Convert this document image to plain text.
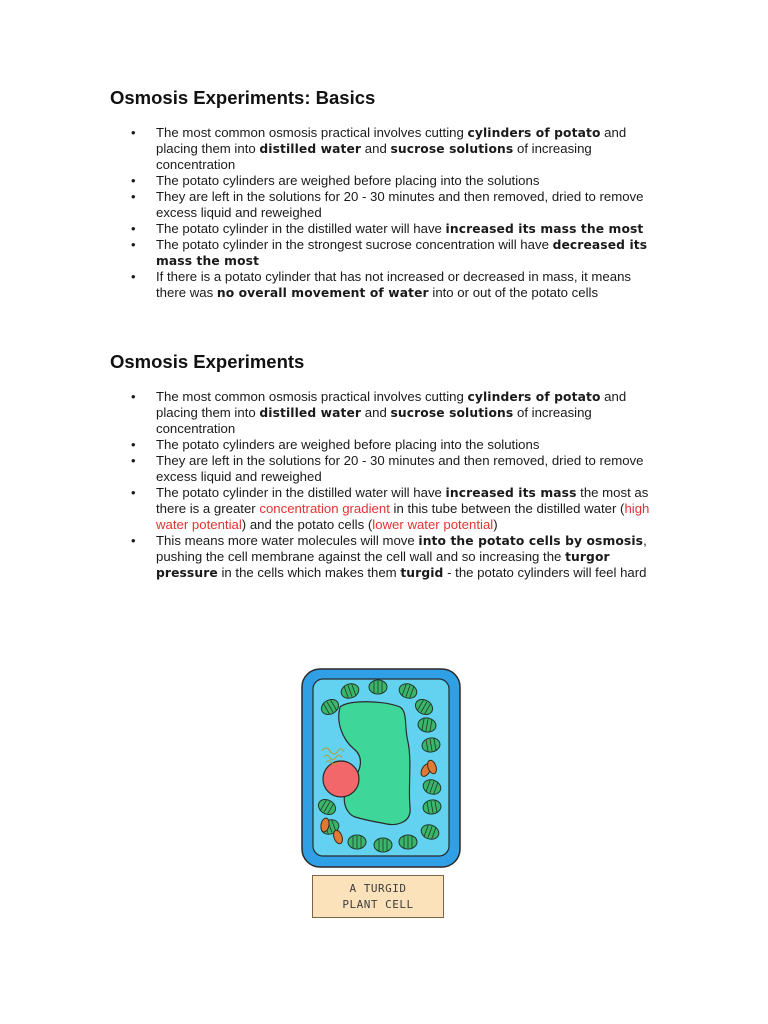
Osmosis Experiments: Basics
• The most common osmosis practical involves cutting cylinders of potato and placing them into distilled water and sucrose solutions of increasing concentration
• The potato cylinders are weighed before placing into the solutions
• They are left in the solutions for 20 - 30 minutes and then removed, dried to remove excess liquid and reweighed
• The potato cylinder in the distilled water will have increased its mass the most
• The potato cylinder in the strongest sucrose concentration will have decreased its mass the most
• If there is a potato cylinder that has not increased or decreased in mass, it means there was no overall movement of water into or out of the potato cells
Osmosis Experiments
• The most common osmosis practical involves cutting cylinders of potato and placing them into distilled water and sucrose solutions of increasing concentration
• The potato cylinders are weighed before placing into the solutions
• They are left in the solutions for 20 - 30 minutes and then removed, dried to remove excess liquid and reweighed
• The potato cylinder in the distilled water will have increased its mass the most as there is a greater concentration gradient in this tube between the distilled water (high water potential) and the potato cells (lower water potential)
• This means more water molecules will move into the potato cells by osmosis, pushing the cell membrane against the cell wall and so increasing the turgor pressure in the cells which makes them turgid - the potato cylinders will feel hard
A TURGID
PLANT CELL
